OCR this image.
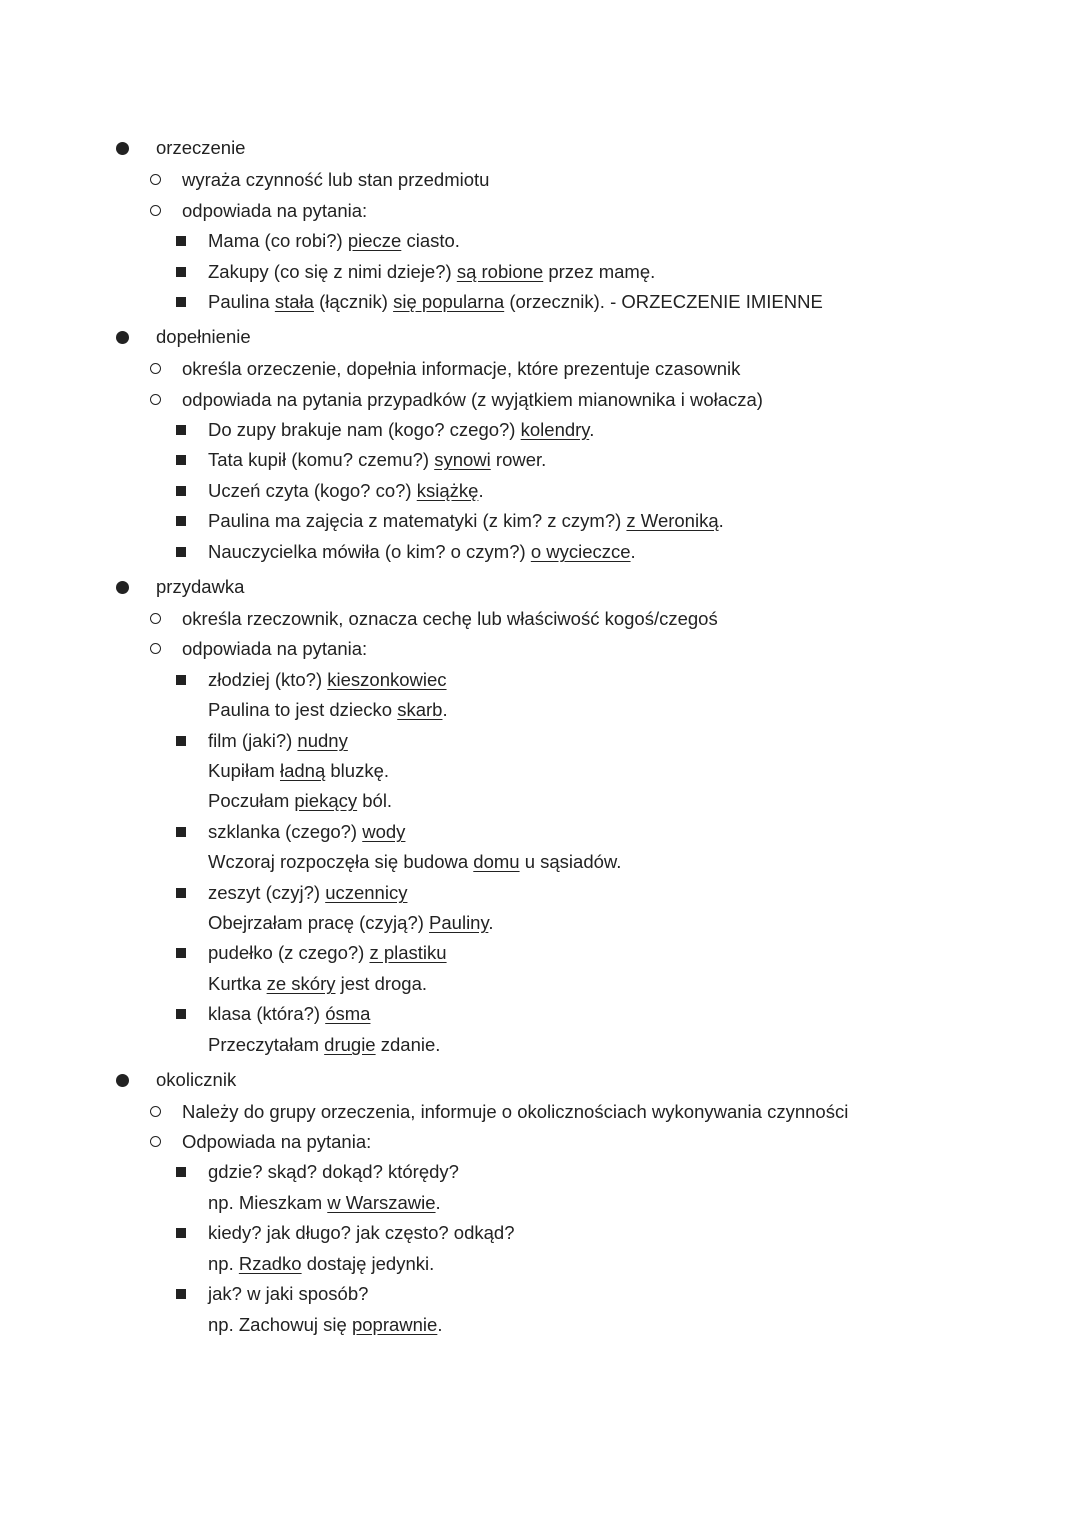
orzeczenie
wyraża czynność lub stan przedmiotu
odpowiada na pytania:
Mama (co robi?) piecze ciasto.
Zakupy (co się z nimi dzieje?) są robione przez mamę.
Paulina stała (łącznik) się popularna (orzecznik). - ORZECZENIE IMIENNE
dopełnienie
określa orzeczenie, dopełnia informacje, które prezentuje czasownik
odpowiada na pytania przypadków (z wyjątkiem mianownika i wołacza)
Do zupy brakuje nam (kogo? czego?) kolendry.
Tata kupił (komu? czemu?) synowi rower.
Uczeń czyta (kogo? co?) książkę.
Paulina ma zajęcia z matematyki (z kim? z czym?) z Weroniką.
Nauczycielka mówiła (o kim? o czym?) o wycieczce.
przydawka
określa rzeczownik, oznacza cechę lub właściwość kogoś/czegoś
odpowiada na pytania:
złodziej (kto?) kieszonkowiec
Paulina to jest dziecko skarb.
film (jaki?) nudny
Kupiłam ładną bluzkę.
Poczułam piekący ból.
szklanka (czego?) wody
Wczoraj rozpoczęła się budowa domu u sąsiadów.
zeszyt (czyj?) uczennicy
Obejrzałam pracę (czyją?) Pauliny.
pudełko (z czego?) z plastiku
Kurtka ze skóry jest droga.
klasa (która?) ósma
Przeczytałam drugie zdanie.
okolicznik
Należy do grupy orzeczenia, informuje o okolicznościach wykonywania czynności
Odpowiada na pytania:
gdzie? skąd? dokąd? którędy?
np. Mieszkam w Warszawie.
kiedy? jak długo? jak często? odkąd?
np. Rzadko dostaję jedynki.
jak? w jaki sposób?
np. Zachowuj się poprawnie.
